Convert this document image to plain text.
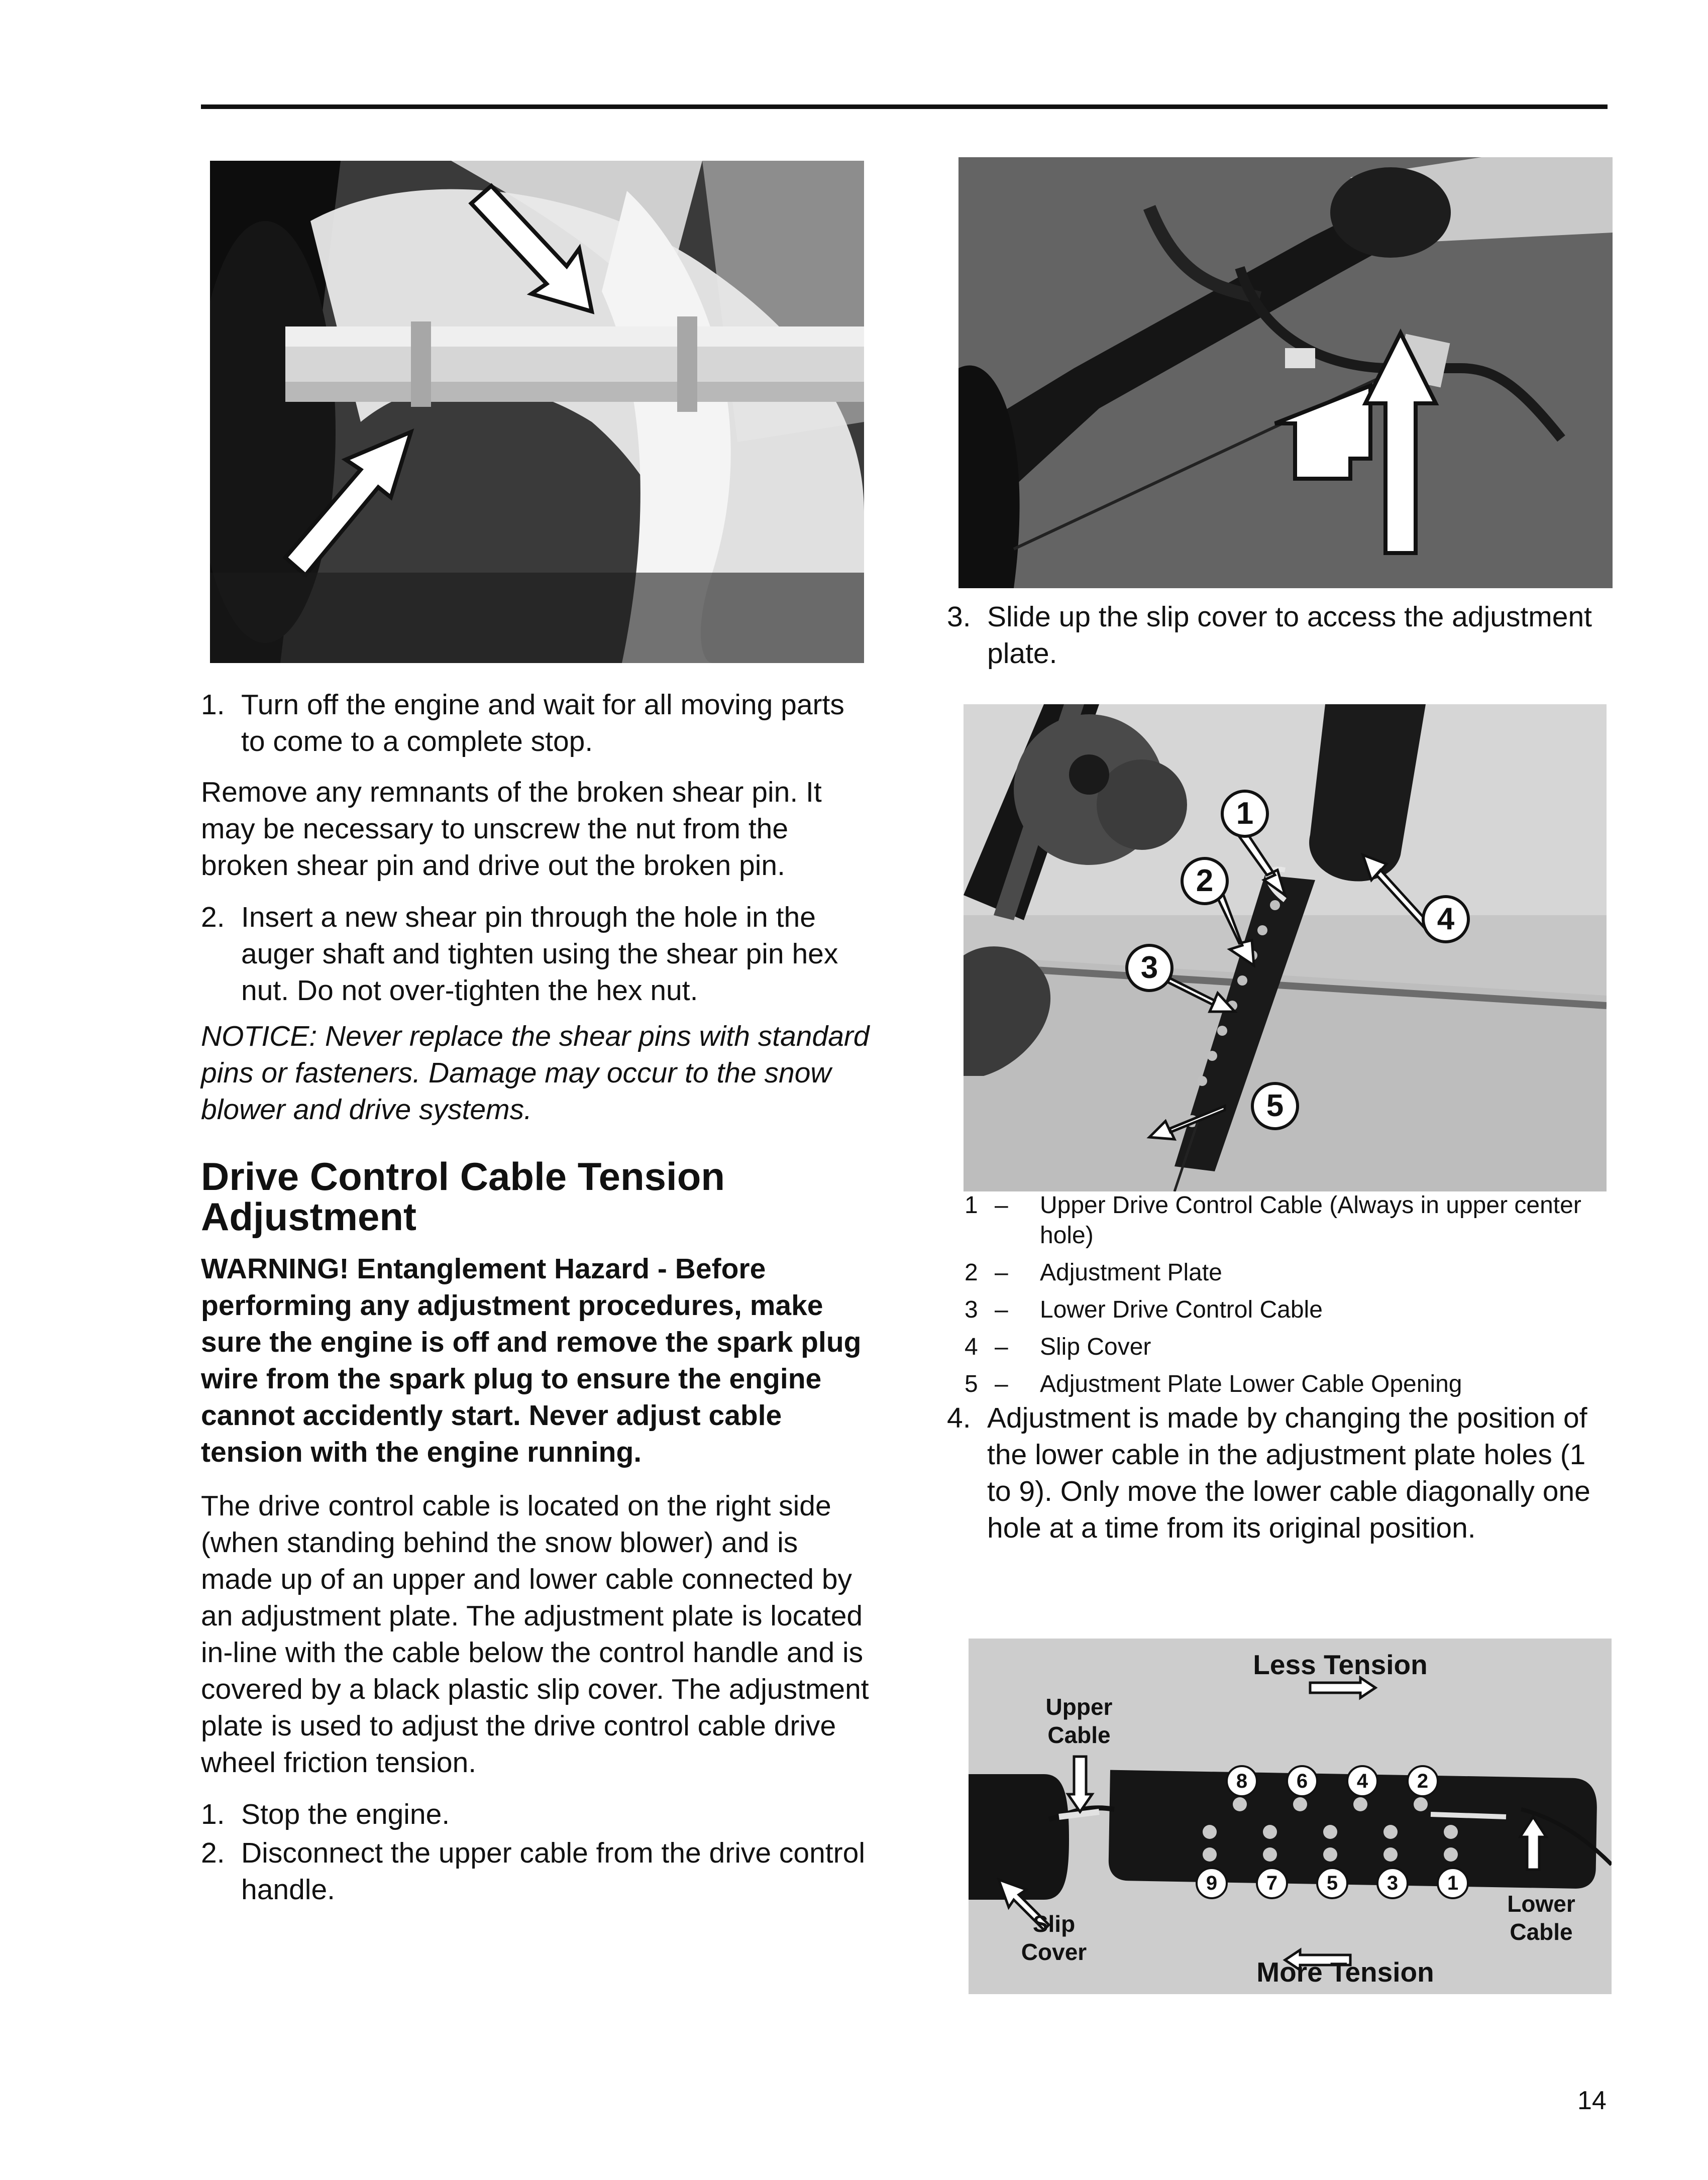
1
2
3
4
5
1 – Upper Drive Control Cable (Always in upper center hole)
2 – Adjustment Plate
3 – Lower Drive Control Cable
4 – Slip Cover
5 – Adjustment Plate Lower Cable Opening
3. Slide up the slip cover to access the adjustment plate.
4. Adjustment is made by changing the position of the lower cable in the adjustment plate holes (1 to 9). Only move the lower cable diagonally one hole at a time from its original position.
Less Tension
More Tension
Upper
Cable
Slip
Cover
Lower
Cable
8	6	4	2
9	7	5	3	1
1. Turn off the engine and wait for all moving parts to come to a complete stop.

Remove any remnants of the broken shear pin. It may be necessary to unscrew the nut from the broken shear pin and drive out the broken pin.

2. Insert a new shear pin through the hole in the auger shaft and tighten using the shear pin hex nut. Do not over-tighten the hex nut.

NOTICE: Never replace the shear pins with standard pins or fasteners. Damage may occur to the snow blower and drive systems.

Drive Control Cable Tension Adjustment

WARNING! Entanglement Hazard - Before performing any adjustment procedures, make sure the engine is off and remove the spark plug wire from the spark plug to ensure the engine cannot accidently start. Never adjust cable tension with the engine running.

The drive control cable is located on the right side (when standing behind the snow blower) and is made up of an upper and lower cable connected by an adjustment plate. The adjustment plate is located in-line with the cable below the control handle and is covered by a black plastic slip cover. The adjustment plate is used to adjust the drive control cable drive wheel friction tension.

1. Stop the engine.
2. Disconnect the upper cable from the drive control handle.
14
